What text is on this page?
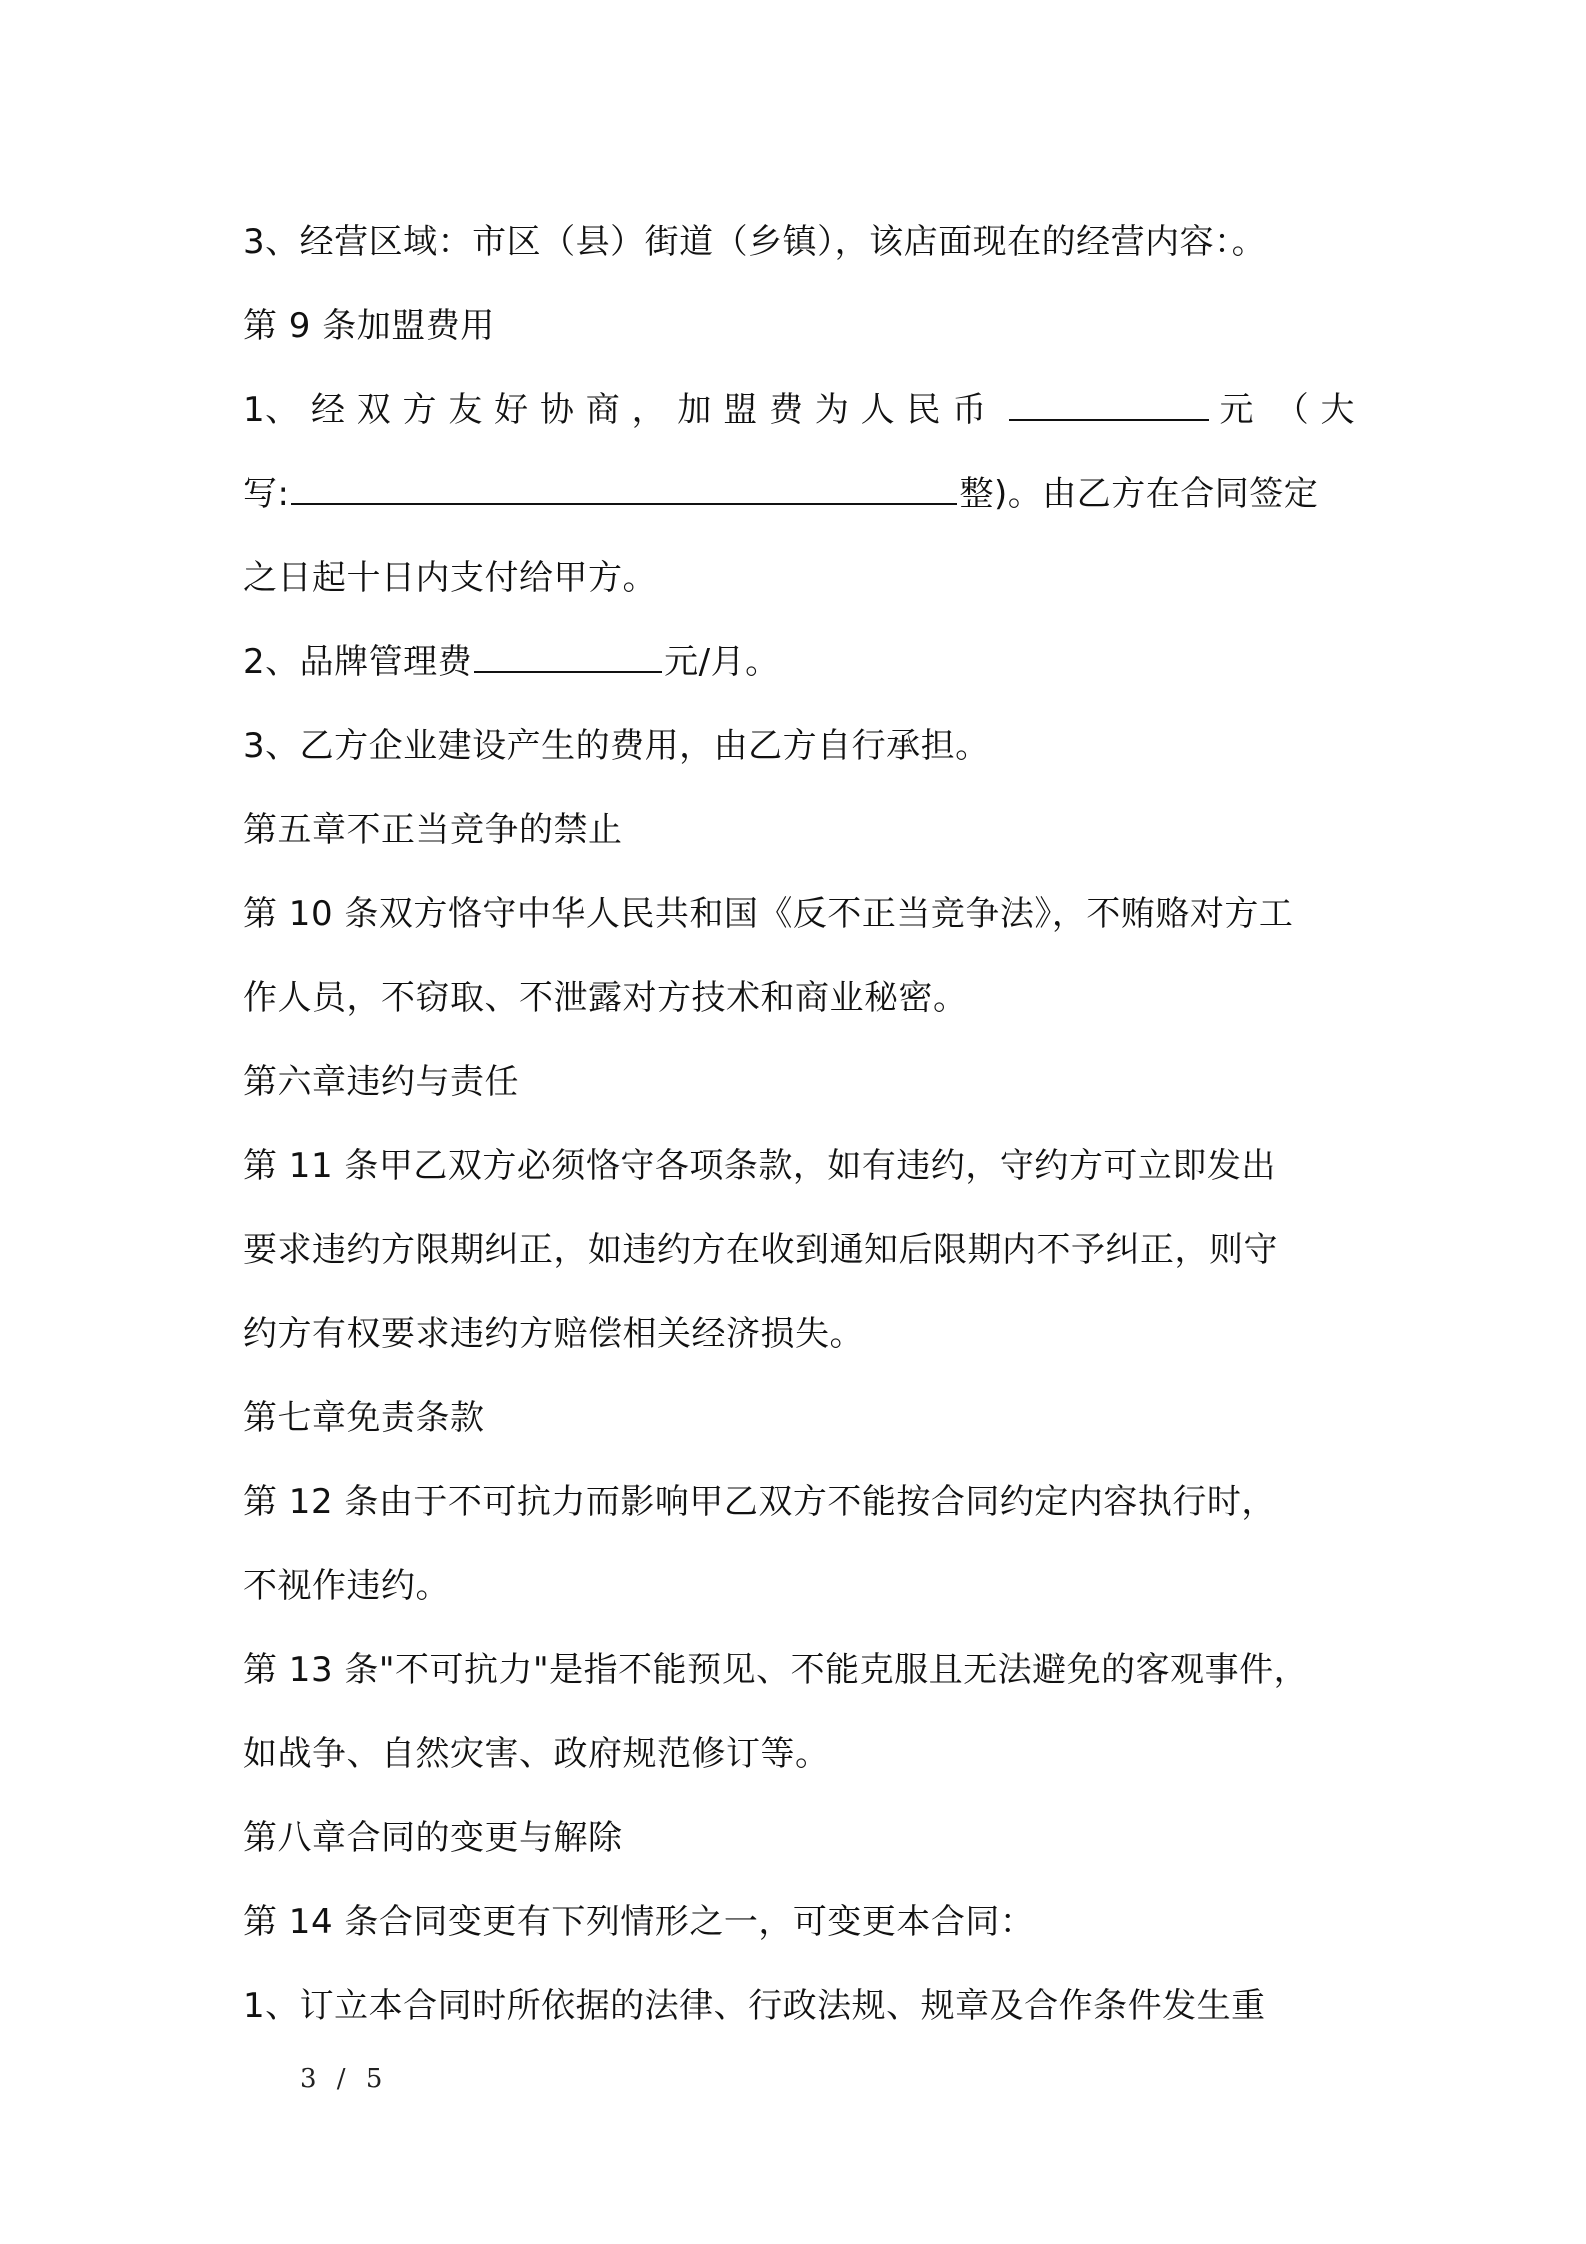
3、经营区域：市区（县）街道（乡镇），该店面现在的经营内容：。
第 9 条加盟费用
1、 经 双 方 友 好 协 商 ， 加 盟 费 为 人 民 币	元 （ 大
写:	整)。由乙方在合同签定
之日起十日内支付给甲方。
2、品牌管理费	元/月。
3、乙方企业建设产生的费用，由乙方自行承担。
第五章不正当竞争的禁止
第 10 条双方恪守中华人民共和国《反不正当竞争法》，不贿赂对方工
作人员，不窃取、不泄露对方技术和商业秘密。
第六章违约与责任
第 11 条甲乙双方必须恪守各项条款，如有违约，守约方可立即发出
要求违约方限期纠正，如违约方在收到通知后限期内不予纠正，则守
约方有权要求违约方赔偿相关经济损失。
第七章免责条款
第 12 条由于不可抗力而影响甲乙双方不能按合同约定内容执行时，
不视作违约。
第 13 条"不可抗力"是指不能预见、不能克服且无法避免的客观事件，
如战争、自然灾害、政府规范修订等。
第八章合同的变更与解除
第 14 条合同变更有下列情形之一，可变更本合同：
1、订立本合同时所依据的法律、行政法规、规章及合作条件发生重
3 / 5
